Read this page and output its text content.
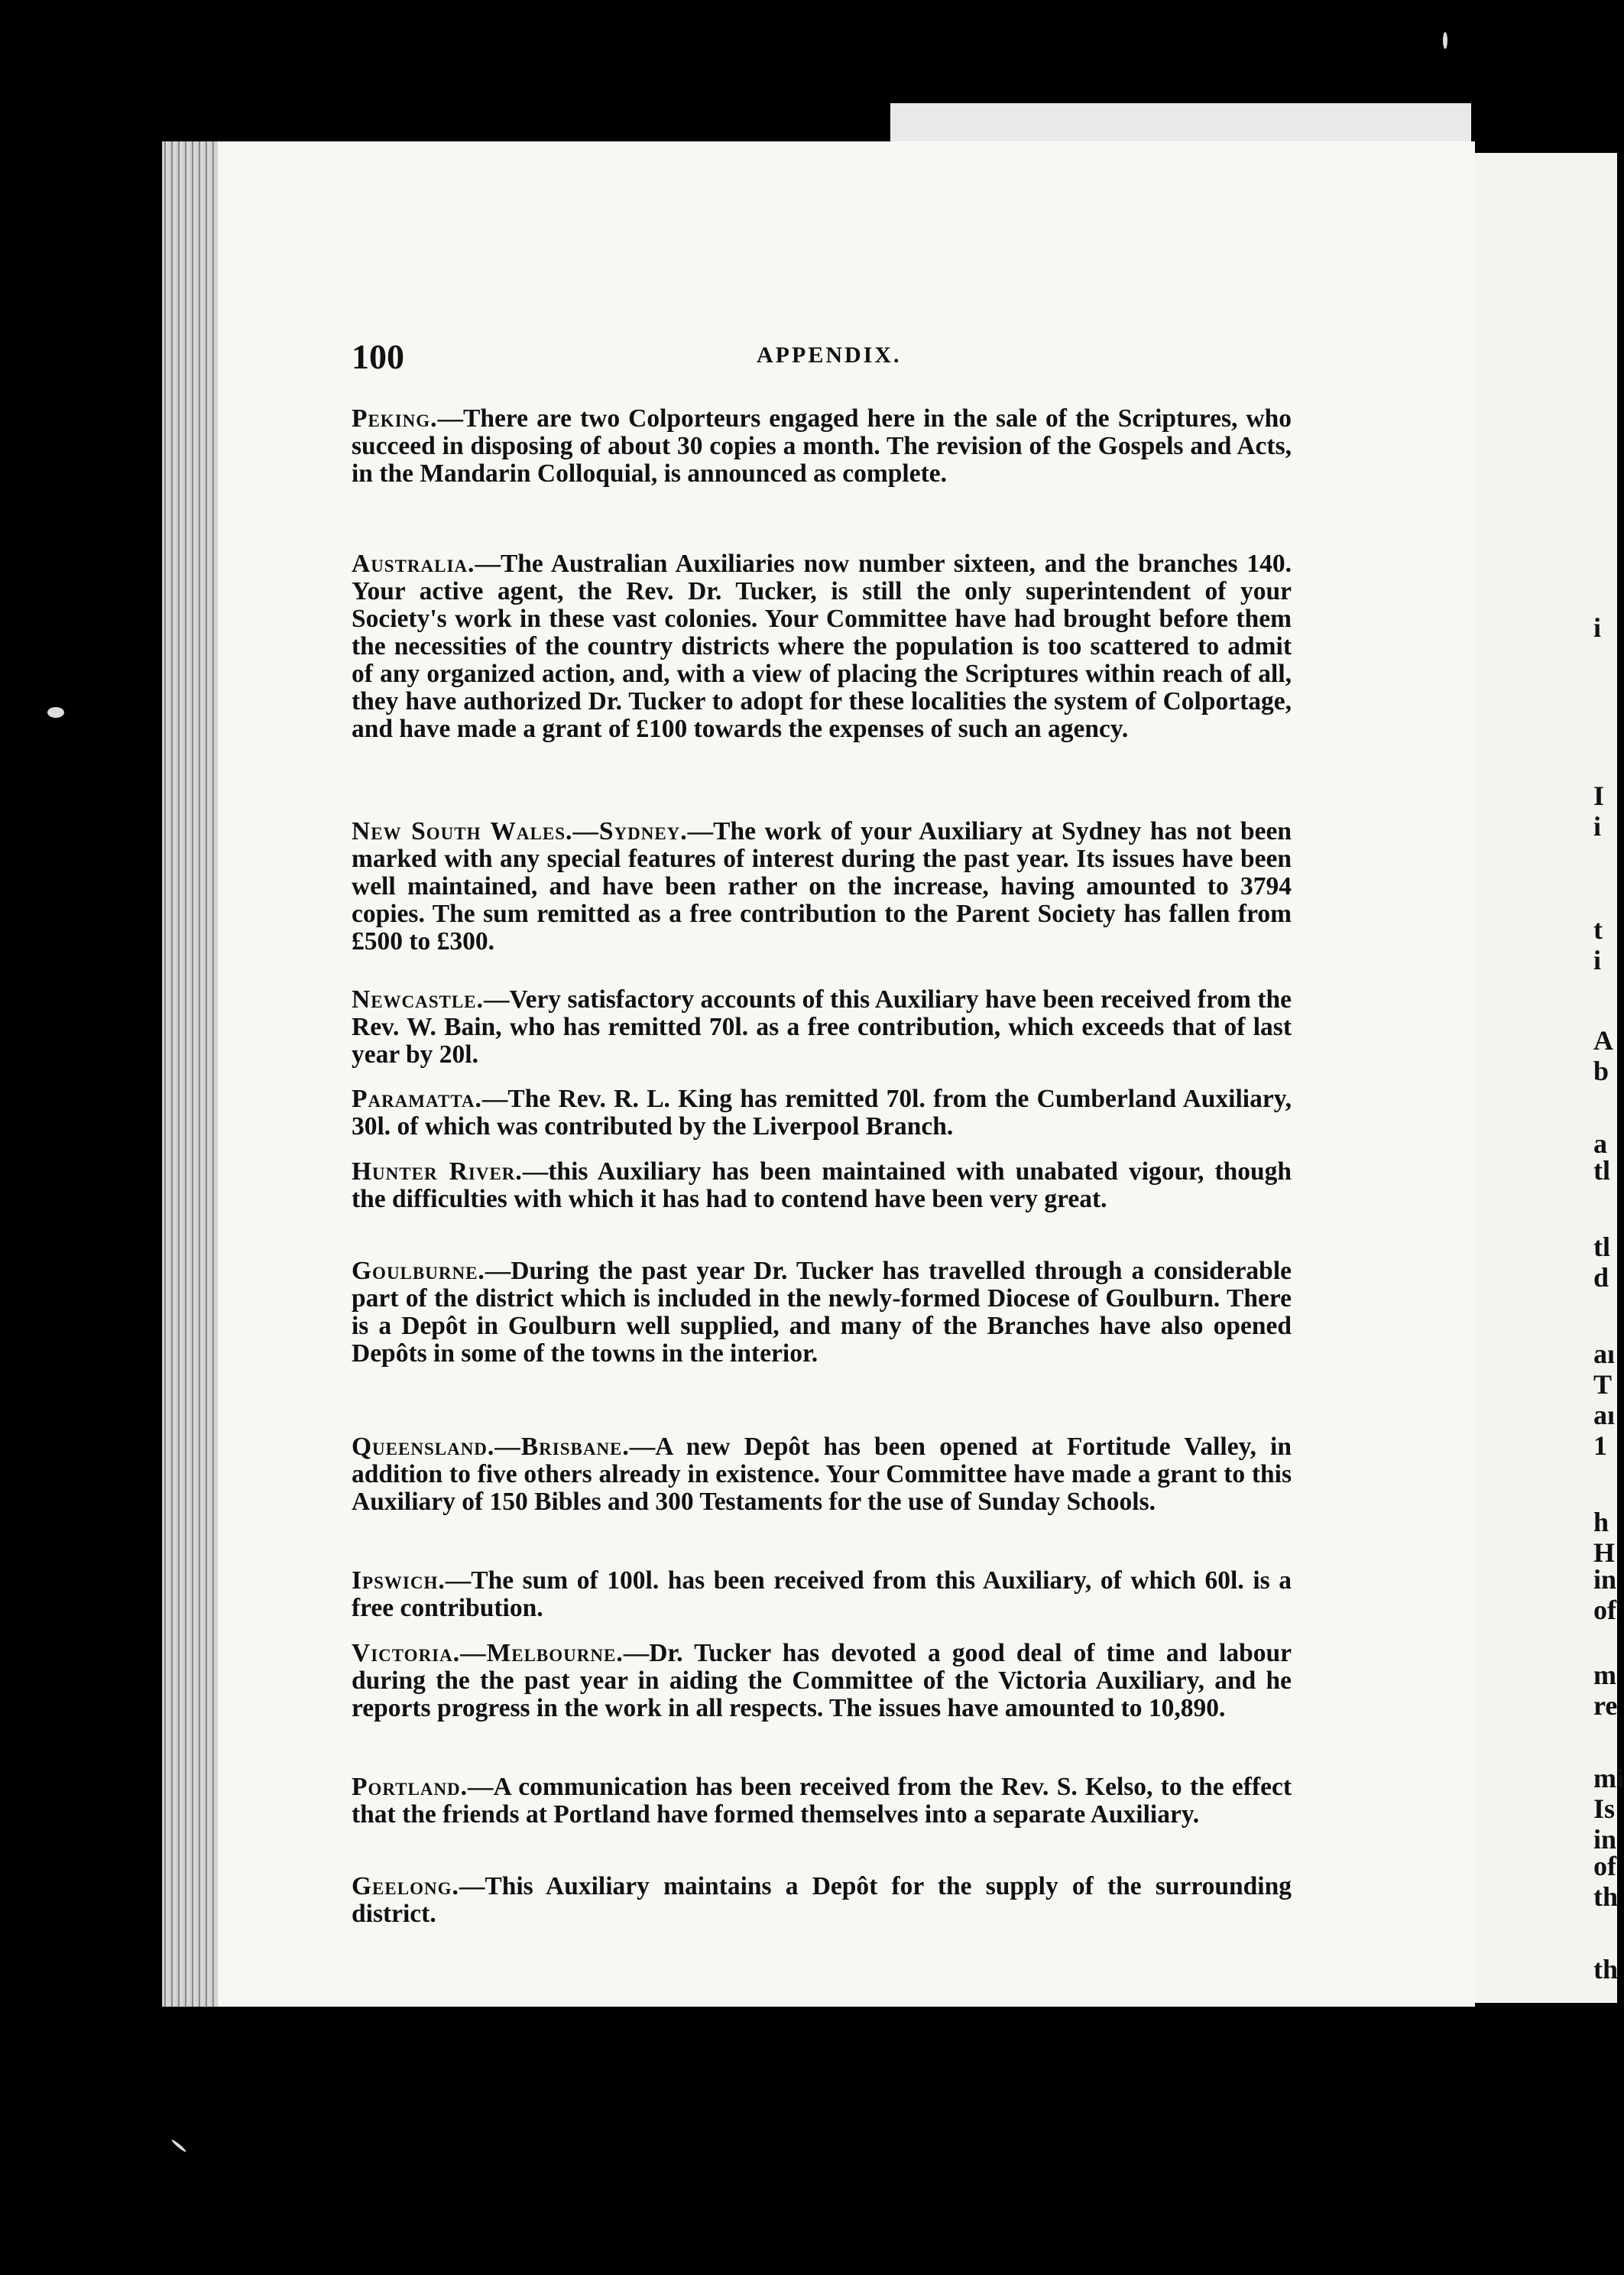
100	APPENDIX.

Peking.—There are two Colporteurs engaged here in the sale of the Scriptures, who succeed in disposing of about 30 copies a month. The revision of the Gospels and Acts, in the Mandarin Colloquial, is announced as complete.

Australia.—The Australian Auxiliaries now number sixteen, and the branches 140. Your active agent, the Rev. Dr. Tucker, is still the only superintendent of your Society's work in these vast colonies. Your Committee have had brought before them the necessities of the country districts where the population is too scattered to admit of any organized action, and, with a view of placing the Scriptures within reach of all, they have authorized Dr. Tucker to adopt for these localities the system of Colportage, and have made a grant of £100 towards the expenses of such an agency.

New South Wales.—Sydney.—The work of your Auxiliary at Sydney has not been marked with any special features of interest during the past year. Its issues have been well maintained, and have been rather on the increase, having amounted to 3794 copies. The sum remitted as a free contribution to the Parent Society has fallen from £500 to £300.

Newcastle.—Very satisfactory accounts of this Auxiliary have been received from the Rev. W. Bain, who has remitted 70l. as a free contribution, which exceeds that of last year by 20l.

Paramatta.—The Rev. R. L. King has remitted 70l. from the Cumberland Auxiliary, 30l. of which was contributed by the Liverpool Branch.

Hunter River.—this Auxiliary has been maintained with unabated vigour, though the difficulties with which it has had to contend have been very great.

Goulburne.—During the past year Dr. Tucker has travelled through a considerable part of the district which is included in the newly-formed Diocese of Goulburn. There is a Depôt in Goulburn well supplied, and many of the Branches have also opened Depôts in some of the towns in the interior.

Queensland.—Brisbane.—A new Depôt has been opened at Fortitude Valley, in addition to five others already in existence. Your Committee have made a grant to this Auxiliary of 150 Bibles and 300 Testaments for the use of Sunday Schools.

Ipswich.—The sum of 100l. has been received from this Auxiliary, of which 60l. is a free contribution.

Victoria.—Melbourne.—Dr. Tucker has devoted a good deal of time and labour during the the past year in aiding the Committee of the Victoria Auxiliary, and he reports progress in the work in all respects. The issues have amounted to 10,890.

Portland.—A communication has been received from the Rev. S. Kelso, to the effect that the friends at Portland have formed themselves into a separate Auxiliary.

Geelong.—This Auxiliary maintains a Depôt for the supply of the surrounding district.

i
I
i
t
i
A
b
a
tl
tl
d
aı
T
aı
1
h
H
in
of
m
re
mi
Is
in
of
th
th
